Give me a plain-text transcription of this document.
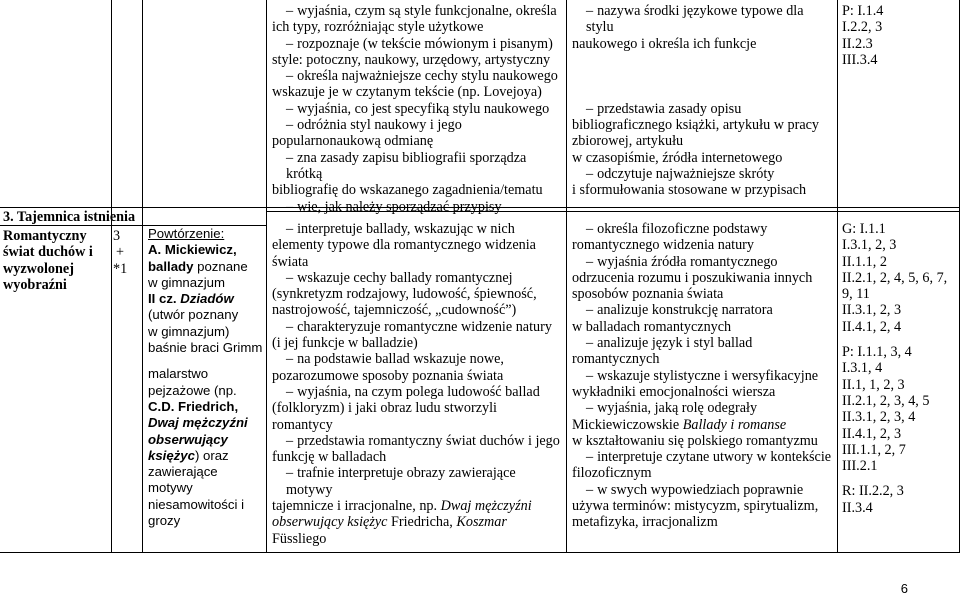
3. Tajemnica istnienia

Romantyczny

świat duchów i

wyzwolonej

wyobraźni

3

+

*1

Powtórzenie:

A. Mickiewicz,

ballady poznane

w gimnazjum

II cz. Dziadów

(utwór poznany

w gimnazjum)

baśnie braci Grimm

malarstwo

pejzażowe (np.

C.D. Friedrich,

Dwaj mężczyźni

obserwujący

księżyc) oraz

zawierające

motywy

niesamowitości i

grozy

– wyjaśnia, czym są style funkcjonalne, określa

ich typy, rozróżniając style użytkowe

– rozpoznaje (w tekście mówionym i pisanym)

style: potoczny, naukowy, urzędowy, artystyczny

– określa najważniejsze cechy stylu naukowego

wskazuje je w czytanym tekście (np. Lovejoya)

– wyjaśnia, co jest specyfiką stylu naukowego

– odróżnia styl naukowy i jego

popularnonaukową odmianę

– zna zasady zapisu bibliografii sporządza krótką

bibliografię do wskazanego zagadnienia/tematu

– wie, jak należy sporządzać przypisy

– interpretuje ballady, wskazując w nich

elementy typowe dla romantycznego widzenia

świata

– wskazuje cechy ballady romantycznej

(synkretyzm rodzajowy, ludowość, śpiewność,

nastrojowość, tajemniczość, „cudowność”)

– charakteryzuje romantyczne widzenie natury

(i jej funkcje w balladzie)

– na podstawie ballad wskazuje nowe,

pozarozumowe sposoby poznania świata

– wyjaśnia, na czym polega ludowość ballad

(folkloryzm) i jaki obraz ludu stworzyli

romantycy

– przedstawia romantyczny świat duchów i jego

funkcję w balladach

– trafnie interpretuje obrazy zawierające motywy

tajemnicze i irracjonalne, np. Dwaj mężczyźni

obserwujący księżyc Friedricha, Koszmar

Füssliego

– nazywa środki językowe typowe dla stylu

naukowego i określa ich funkcje

– przedstawia zasady opisu

bibliograficznego książki, artykułu w pracy

zbiorowej, artykułu

w czasopiśmie, źródła internetowego

– odczytuje najważniejsze skróty

i sformułowania stosowane w przypisach

– określa filozoficzne podstawy

romantycznego widzenia natury

– wyjaśnia źródła romantycznego

odrzucenia rozumu i poszukiwania innych

sposobów poznania świata

– analizuje konstrukcję narratora

w balladach romantycznych

– analizuje język i styl ballad

romantycznych

– wskazuje stylistyczne i wersyfikacyjne

wykładniki emocjonalności wiersza

– wyjaśnia, jaką rolę odegrały

Mickiewiczowskie Ballady i romanse

w kształtowaniu się polskiego romantyzmu

– interpretuje czytane utwory w kontekście

filozoficznym

– w swych wypowiedziach poprawnie

używa terminów: mistycyzm, spirytualizm,

metafizyka, irracjonalizm

P: I.1.4

I.2.2, 3

II.2.3

III.3.4

G: I.1.1

I.3.1, 2, 3

II.1.1, 2

II.2.1, 2, 4, 5, 6, 7,

9, 11

II.3.1, 2, 3

II.4.1, 2, 4

P: I.1.1, 3, 4

I.3.1, 4

II.1, 1, 2, 3

II.2.1, 2, 3, 4, 5

II.3.1, 2, 3, 4

II.4.1, 2, 3

III.1.1, 2, 7

III.2.1

R: II.2.2, 3

II.3.4

6
